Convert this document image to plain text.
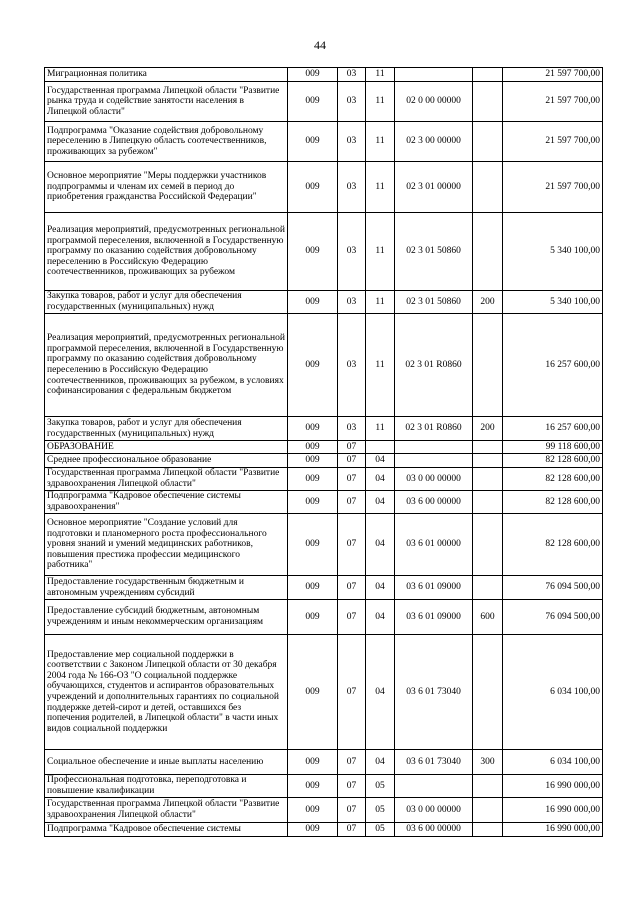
44
Миграционная политика	009	03	11			21 597 700,00
Государственная программа Липецкой области "Развитие рынка труда и содействие занятости населения в Липецкой области"	009	03	11	02 0 00 00000		21 597 700,00
Подпрограмма "Оказание содействия добровольному переселению в Липецкую область соотечественников, проживающих за рубежом"	009	03	11	02 3 00 00000		21 597 700,00
Основное мероприятие "Меры поддержки участников подпрограммы и членам их семей в период до приобретения гражданства Российской Федерации"	009	03	11	02 3 01 00000		21 597 700,00
Реализация мероприятий, предусмотренных региональной программой переселения, включенной в Государственную программу по оказанию содействия добровольному переселению в Российскую Федерацию соотечественников, проживающих за рубежом	009	03	11	02 3 01 50860		5 340 100,00
Закупка товаров, работ и услуг для обеспечения государственных (муниципальных) нужд	009	03	11	02 3 01 50860	200	5 340 100,00
Реализация мероприятий, предусмотренных региональной программой переселения, включенной в Государственную программу по оказанию содействия добровольному переселению в Российскую Федерацию соотечественников, проживающих за рубежом, в условиях софинансирования с федеральным бюджетом	009	03	11	02 3 01 R0860		16 257 600,00
Закупка товаров, работ и услуг для обеспечения государственных (муниципальных) нужд	009	03	11	02 3 01 R0860	200	16 257 600,00
ОБРАЗОВАНИЕ	009	07				99 118 600,00
Среднее профессиональное образование	009	07	04			82 128 600,00
Государственная программа Липецкой области "Развитие здравоохранения Липецкой области"	009	07	04	03 0 00 00000		82 128 600,00
Подпрограмма "Кадровое обеспечение системы здравоохранения"	009	07	04	03 6 00 00000		82 128 600,00
Основное мероприятие "Создание условий для подготовки и планомерного роста профессионального уровня знаний и умений медицинских работников, повышения престижа профессии медицинского работника"	009	07	04	03 6 01 00000		82 128 600,00
Предоставление государственным бюджетным и автономным учреждениям субсидий	009	07	04	03 6 01 09000		76 094 500,00
Предоставление субсидий бюджетным, автономным учреждениям и иным некоммерческим организациям	009	07	04	03 6 01 09000	600	76 094 500,00
Предоставление мер социальной поддержки в соответствии с Законом Липецкой области от 30 декабря 2004 года № 166-ОЗ "О социальной поддержке обучающихся, студентов и аспирантов образовательных учреждений и дополнительных гарантиях по социальной поддержке детей-сирот и детей, оставшихся без попечения родителей, в Липецкой области" в части иных видов социальной поддержки	009	07	04	03 6 01 73040		6 034 100,00
Социальное обеспечение и иные выплаты населению	009	07	04	03 6 01 73040	300	6 034 100,00
Профессиональная подготовка, переподготовка и повышение квалификации	009	07	05			16 990 000,00
Государственная программа Липецкой области "Развитие здравоохранения Липецкой области"	009	07	05	03 0 00 00000		16 990 000,00
Подпрограмма "Кадровое обеспечение системы	009	07	05	03 6 00 00000		16 990 000,00
